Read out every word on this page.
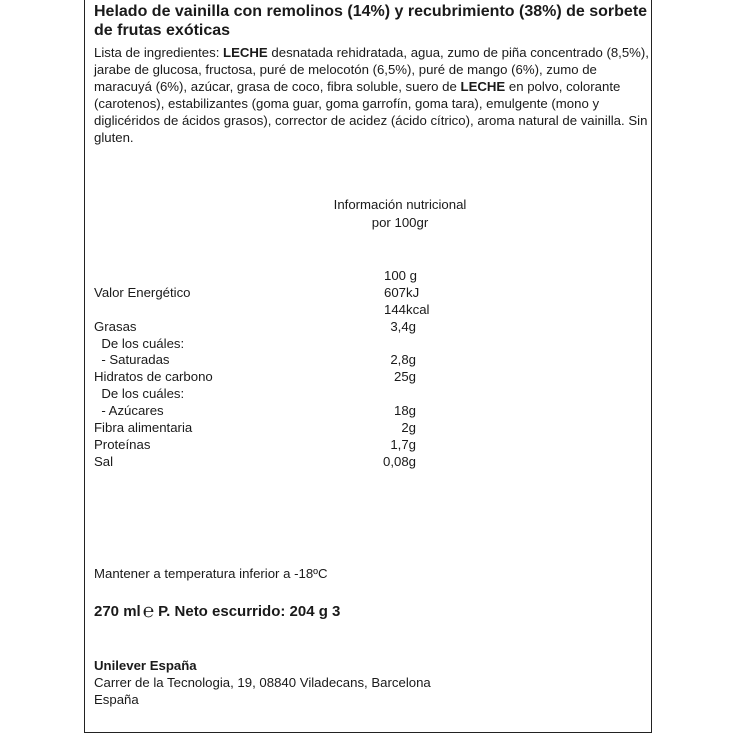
Helado de vainilla con remolinos (14%) y recubrimiento (38%) de sorbete de frutas exóticas
Lista de ingredientes: LECHE desnatada rehidratada, agua, zumo de piña concentrado (8,5%), jarabe de glucosa, fructosa, puré de melocotón (6,5%), puré de mango (6%), zumo de maracuyá (6%), azúcar, grasa de coco, fibra soluble, suero de LECHE en polvo, colorante (carotenos), estabilizantes (goma guar, goma garrofín, goma tara), emulgente (mono y diglicéridos de ácidos grasos), corrector de acidez (ácido cítrico), aroma natural de vainilla. Sin gluten.
Información nutricional
por 100gr
100 g
Valor Energético	607kJ
144kcal
Grasas	3,4g
De los cuáles:
- Saturadas	2,8g
Hidratos de carbono	25g
De los cuáles:
- Azúcares	18g
Fibra alimentaria	2g
Proteínas	1,7g
Sal	0,08g
Mantener a temperatura inferior a -18ºC
270 ml ℮ P. Neto escurrido: 204 g 3
Unilever España
Carrer de la Tecnologia, 19, 08840 Viladecans, Barcelona
España
